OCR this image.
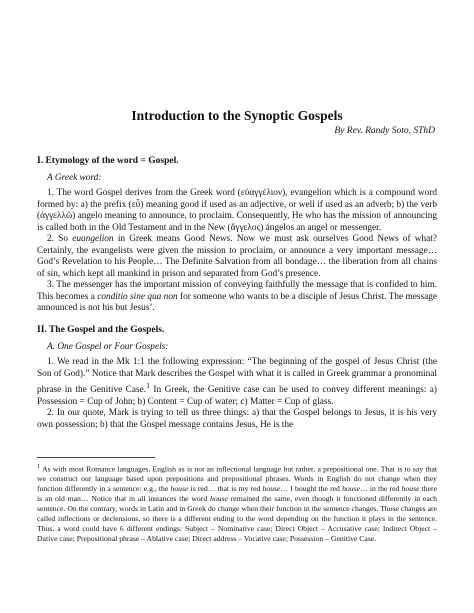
Introduction to the Synoptic Gospels
By Rev. Randy Soto, SThD
I. Etymology of the word = Gospel.
A Greek word:

1. The word Gospel derives from the Greek word (εὐαγγέλιον), evangelion which is a compound word formed by: a) the prefix (εὖ) meaning good if used as an adjective, or well if used as an adverb; b) the verb (ἀγγελλῶ) angelo meaning to announce, to proclaim. Consequently, He who has the mission of announcing is called both in the Old Testament and in the New (ἄγγελος) ángelos an angel or messenger.

2. So euangelion in Greek means Good News. Now we must ask ourselves Good News of what? Certainly, the evangelists were given the mission to proclaim, or announce a very important message… God’s Revelation to his People… The Definite Salvation from all bondage… the liberation from all chains of sin, which kept all mankind in prison and separated from God’s presence.

3. The messenger has the important mission of conveying faithfully the message that is confided to him. This becomes a conditio sine qua non for someone who wants to be a disciple of Jesus Christ. The message announced is not his but Jesus’.

II. The Gospel and the Gospels.
A. One Gospel or Four Gospels:

1. We read in the Mk 1:1 the following expression: “The beginning of the gospel of Jesus Christ (the Son of God).” Notice that Mark describes the Gospel with what it is called in Greek grammar a pronominal phrase in the Genitive Case.$^1$ In Greek, the Genitive case can be used to convey different meanings: a) Possession = Cup of John; b) Content = Cup of water; c) Matter = Cup of glass.

2. In our quote, Mark is trying to tell us three things: a) that the Gospel belongs to Jesus, it is his very own possession; b) that the Gospel message contains Jesus, He is the

$^1$ As with most Romance languages, English as is not an inflectional language but rather, a prepositional one. That is to say that we construct our language based upon prepositions and prepositional phrases. Words in English do not change when they function differently in a sentence: e.g., the house is red… that is my red house… I bought the red house… in the red house there is an old man… Notice that in all instances the word house remained the same, even though it functioned differently in each sentence. On the contrary, words in Latin and in Greek do change when their function in the sentence changes. Those changes are called inflections or declensions, so there is a different ending to the word depending on the function it plays in the sentence. Thus, a word could have 6 different endings: Subject – Nominative case; Direct Object – Accusative case; Indirect Object – Dative case; Prepositional phrase – Ablative case; Direct address – Vocative case; Possession – Genitive Case.
